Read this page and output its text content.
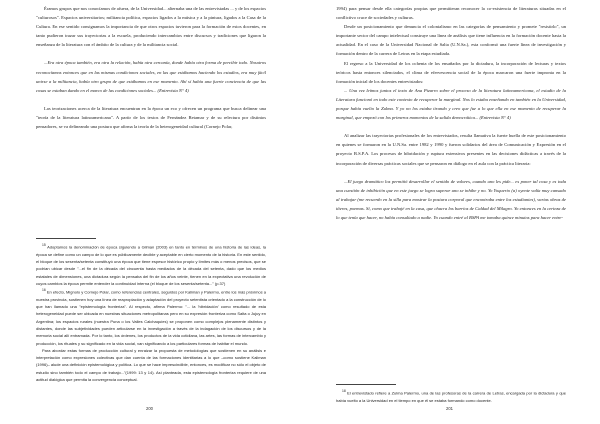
Éramos grupos que nos conocíamos de afuera, de la Universidad... alternaba una de las entrevistadas ... y de los espacios "culturosos". Espacios universitarios; militancia política, espacios ligados a la música y a la pintura, ligados a la Casa de la Cultura. En ese sentido consignamos la importancia de que otros espacios tuvieron para la formación de estos docentes, en tanto pudieron trazar sus trayectorias a la escuela, produciendo intercambios entre discursos y tradiciones que ligaron la enseñanza de la literatura con el ámbito de la cultura y de la militancia social.

...Era otra época también, era otra la relación, había otra cercanía, donde había otra forma de percibir todo. Nosotros reconocíamos entonces que en las mismas condiciones sociales, en las que estábamos haciendo los estudios, era muy fácil unirse a la militancia, había otro grupo de que estábamos en ese momento. Ahí sí había una fuerte conciencia de que las cosas se estaban dando en el marco de las condiciones sociales... (Entrevista N° 4)

Las teorizaciones acerca de la literatura encuentran en la época un eco y ofrecen un programa que busca delinear una "teoría de la literatura latinoamericana". A partir de los textos de Fernández Retamar y de su relectura por distintos pensadores, se va delineando una postura que afirma la teoría de la heterogeneidad cultural (Cornejo Polar,

$^{15}$ Adoptamos la denominación de época siguiendo a Gilman (2003) en tanto en términos de una historia de las ideas, la época se define como un campo de lo que es públicamente decible y aceptable en cierto momento de la historia. En este sentido, el bloque de los sesenta/setenta constituyó una época que tiene espesor histórico propio y límites más o menos precisos, que se podrían ubicar desde "...el fin de la década del cincuenta hasta mediados de la década del setenta, dado que los medios estatales de dimensiones, una dictadura según la pensaba del fin de los años veinte, tienen en la expectativa una revolución de cuyos cambios la época permite entender la continuidad interna (el bloque de los sesenta/setenta..." (p.37)

$^{16}$ En efecto, Mignolo y Cornejo Polar, como referencias centrales, seguidos por Kaliman y Palermo, entre los más próximos a nuestra provincia, sostienen hoy una línea de reapropiación y adaptación del proyecto setentista orientado a la construcción de lo que han llamado una "epistemología fronteriza". Al respecto, afirma Palermo: "... la 'hibridación' como resultado de esta heterogeneidad puede ser ubicada en nuestras situaciones metropolitanas pero en su expresión fronteriza como Salta o Jujuy en Argentina; los espacios rurales (nuestra Puna o los Valles Calchaquíes) se proponen como complejos plenamente distintos y distantes, donde las subjetividades pueden articularse en la investigación a través de la indagación de los discursos y de la memoria social allí entramada. Por lo tanto, los órdenes, los productos de la vida cotidiana, las artes, las formas de intercambio y producción, los rituales y su significado en la vida social, van significando a los particulares formas de habitar el mundo.

Para abordar estas formas de producción cultural y enraizar la propuesta de metodologías que sostienen en su análisis e interpretación como expresiones colectivas que dan cuenta de las formaciones identitarias a lo que –como sostiene Kaliman (1996)– alude una definición epistemológica y política. Lo que se hace imprescindible, entonces, es modificar no sólo el objeto de estudio sino también todo el campo de trabajo..."(1999: 13 y 14). Así planteada, esta epistemología fronteriza requiere de una actitud dialógica que permita la convergencia conceptual.

200

1994) para pensar desde ella categorías propias que permitieran reconocer la co-existencia de literaturas situadas en el conflictivo cruce de sociedades y culturas.

Desde un posicionamiento que denuncia el colonialismo en las categorías de pensamiento y promete "resistirlo", un importante sector del campo intelectual construye una línea de análisis que tiene influencia en la formación docente hasta la actualidad. En el caso de la Universidad Nacional de Salta (U.N.Sa.), esta conformó una fuerte línea de investigación y formación dentro de la carrera de Letras en la etapa estudiada.

El regreso a la Universidad de los ochenta de los ensañados por la dictadura, la incorporación de lecturas y textos teóricos hasta entonces silenciados, el clima de efervescencia social de la época marcaron una fuerte impronta en la formación inicial de los docentes entrevistados:

... Una vez leímos juntos el texto de Ana Pizarro sobre el proceso de la literatura latinoamericana, el estudio de la Literatura funcionó en todo este contexto de recuperar la marginal. Nos lo estaba enseñando en también en la Universidad, porque había vuelto la Zulma. Y yo no los estaba tirando y creo que fue a lo que ella en ese momento de recuperar la marginal, que empezó con los primeros momentos de la salida democrática... (Entrevista N° 4)

Al analizar las trayectorias profesionales de los entrevistados, resulta llamativa la fuerte huella de este posicionamiento en quienes se formaron en la U.N.Sa. entre 1982 y 1990 y fueron solidarios del área de Comunicación y Expresión en el proyecto B.S.P.A. Los procesos de hibridación y ruptura extensivos presentes en las decisiones didácticas a través de la incorporación de diversas prácticas sociales que se pensaron en diálogo en el aula con la práctica literaria:

...El juego dramático los permitió desarrollar el sentido de valores, cuando uno les pide... es poner tal cosa y es toda una cuestión de inhibición que en este juego se logra superar uno se inhibe y no. Yo Yoquerio (a) oyente valía muy cansado al trabajar (me recuerdo en la silla para mostrar la postura corporal que encontraba entre los estudiantes), varias obras de títeres, poemas. Sí, como que trabajé en la casa, que chacra los barrios de Caldad del Milagro. Yo entonces en la certeza de lo que tenía que hacer, no había consultado a nadie. Yo cuando entré al BSPA me tomaba quince minutos para hacer entre-

$^{18}$ El entrevistado refiere a Zulma Palermo, una de las profesoras de la carrera de Letras, encargada por la dictadura y que había vuelto a la Universidad en el tiempo en que él se estaba formando como docente.

201
